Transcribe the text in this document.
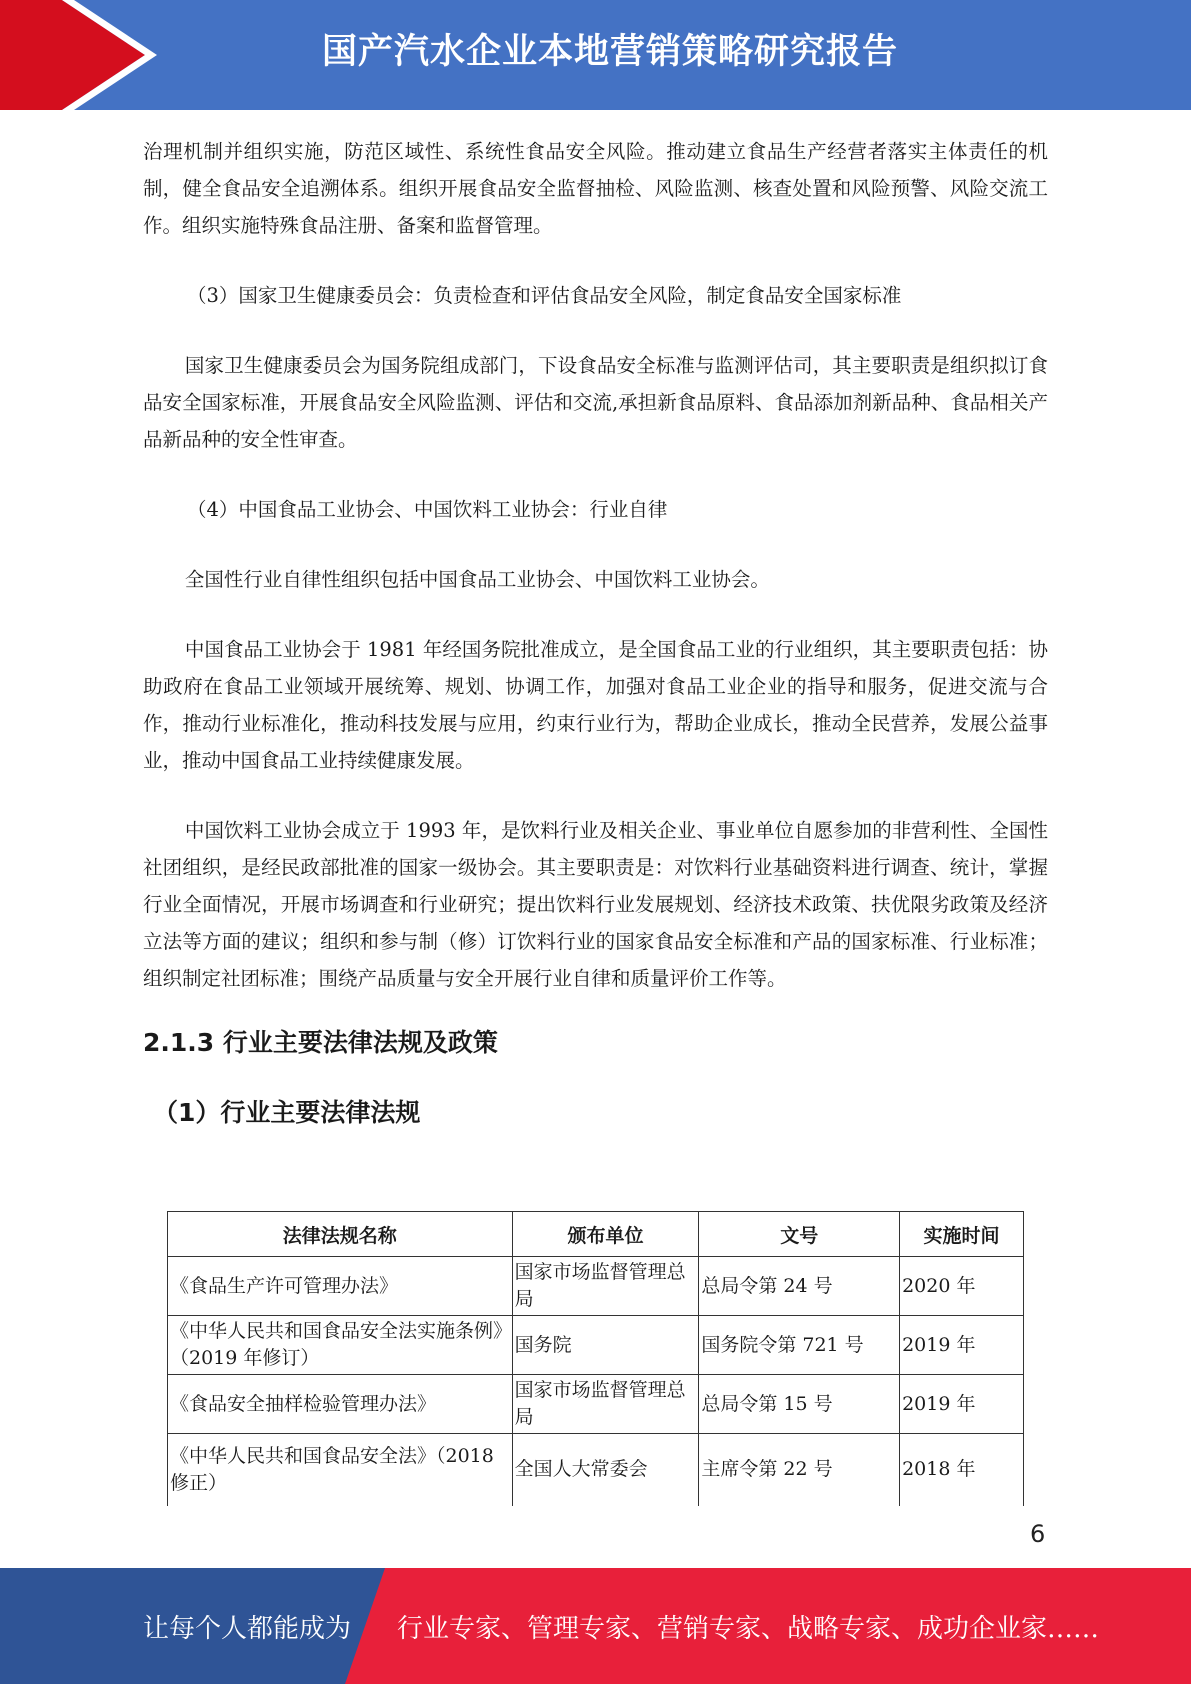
国产汽水企业本地营销策略研究报告

治理机制并组织实施，防范区域性、系统性食品安全风险。推动建立食品生产经营者落实主体责任的机制，健全食品安全追溯体系。组织开展食品安全监督抽检、风险监测、核查处置和风险预警、风险交流工作。组织实施特殊食品注册、备案和监督管理。

（3）国家卫生健康委员会：负责检查和评估食品安全风险，制定食品安全国家标准

国家卫生健康委员会为国务院组成部门，下设食品安全标准与监测评估司，其主要职责是组织拟订食品安全国家标准，开展食品安全风险监测、评估和交流,承担新食品原料、食品添加剂新品种、食品相关产品新品种的安全性审查。

（4）中国食品工业协会、中国饮料工业协会：行业自律

全国性行业自律性组织包括中国食品工业协会、中国饮料工业协会。

中国食品工业协会于 1981 年经国务院批准成立，是全国食品工业的行业组织，其主要职责包括：协助政府在食品工业领域开展统筹、规划、协调工作，加强对食品工业企业的指导和服务，促进交流与合作，推动行业标准化，推动科技发展与应用，约束行业行为，帮助企业成长，推动全民营养，发展公益事业，推动中国食品工业持续健康发展。

中国饮料工业协会成立于 1993 年，是饮料行业及相关企业、事业单位自愿参加的非营利性、全国性社团组织，是经民政部批准的国家一级协会。其主要职责是：对饮料行业基础资料进行调查、统计，掌握行业全面情况，开展市场调查和行业研究；提出饮料行业发展规划、经济技术政策、扶优限劣政策及经济立法等方面的建议；组织和参与制（修）订饮料行业的国家食品安全标准和产品的国家标准、行业标准；组织制定社团标准；围绕产品质量与安全开展行业自律和质量评价工作等。

2.1.3 行业主要法律法规及政策
（1）行业主要法律法规
法律法规名称	颁布单位	文号	实施时间
《食品生产许可管理办法》	国家市场监督管理总局	总局令第 24 号	2020 年
《中华人民共和国食品安全法实施条例》（2019 年修订）	国务院	国务院令第 721 号	2019 年
《食品安全抽样检验管理办法》	国家市场监督管理总局	总局令第 15 号	2019 年
《中华人民共和国食品安全法》（2018 修正）	全国人大常委会	主席令第 22 号	2018 年
6
让每个人都能成为 行业专家、管理专家、营销专家、战略专家、成功企业家……
